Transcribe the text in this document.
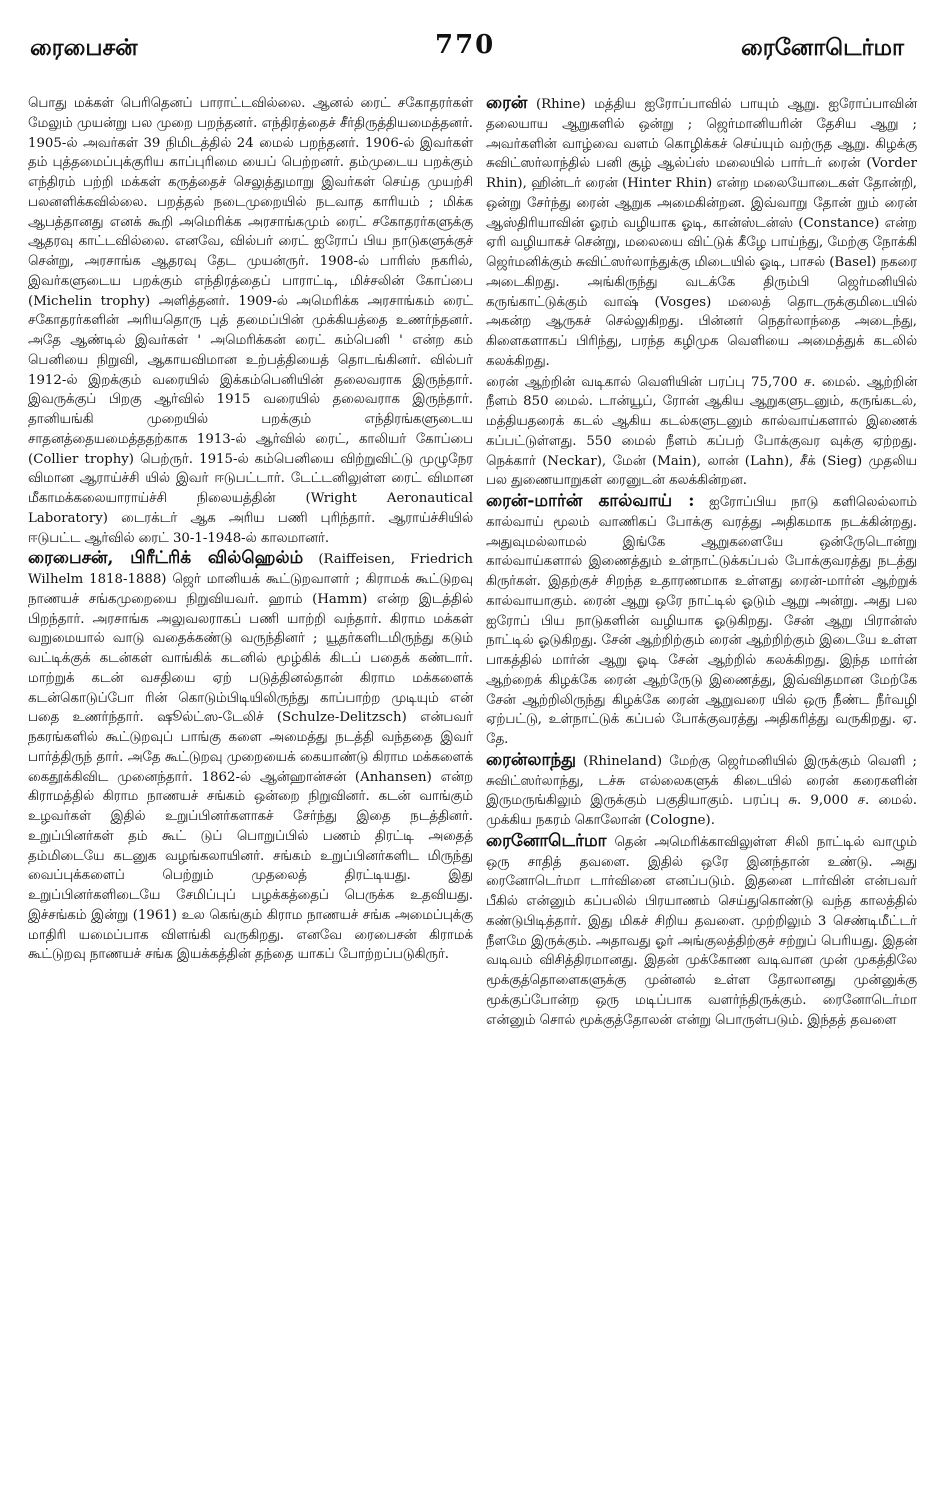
ரைபைசன்	770	ரைனோடெர்மா

பொது மக்கள் பெரிதெனப் பாராட்டவில்லை. ஆனல் ரைட் சகோதரர்கள் மேலும் முயன்று பல முறை பறந்தனர். எந்திரத்தைச் சீர்திருத்தியமைத்தனர். 1905-ல் அவர்கள் 39 நிமிடத்தில் 24 மைல் பறந்தனர். 1906-ல் இவர்கள் தம் புத்தமைப்புக்குரிய காப்புரிமை யைப் பெற்றனர். தம்முடைய பறக்கும் எந்திரம் பற்றி மக்கள் கருத்தைச் செலுத்துமாறு இவர்கள் செய்த முயற்சி பலனளிக்கவில்லை. பறத்தல் நடைமுறையில் நடவாத காரியம் ; மிக்க ஆபத்தானது எனக் கூறி அமெரிக்க அரசாங்கமும் ரைட் சகோதரர்களுக்கு ஆதரவு காட்டவில்லை. எனவே, வில்பர் ரைட் ஐரோப் பிய நாடுகளுக்குச் சென்று, அரசாங்க ஆதரவு தேட முயன்ருர். 1908-ல் பாரிஸ் நகரில், இவர்களுடைய பறக்கும் எந்திரத்தைப் பாராட்டி, மிச்சலின் கோப்பை (Michelin trophy) அளித்தனர். 1909-ல் அமெரிக்க அரசாங்கம் ரைட் சகோதரர்களின் அரியதொரு புத் தமைப்பின் முக்கியத்தை உணர்ந்தனர். அதே ஆண்டில் இவர்கள் ' அமெரிக்கன் ரைட் கம்பெனி ' என்ற கம் பெனியை நிறுவி, ஆகாயவிமான உற்பத்தியைத் தொடங்கினர். வில்பர் 1912-ல் இறக்கும் வரையில் இக்கம்பெனியின் தலைவராக இருந்தார். இவருக்குப் பிறகு ஆர்வில் 1915 வரையில் தலைவராக இருந்தார். தானியங்கி முறையில் பறக்கும் எந்திரங்களுடைய சாதனத்தையமைத்ததற்காக 1913-ல் ஆர்வில் ரைட், காலியர் கோப்பை (Collier trophy) பெற்ருர். 1915-ல் கம்பெனியை விற்றுவிட்டு முழுநேர விமான ஆராய்ச்சி யில் இவர் ஈடுபட்டார். டேட்டனிலுள்ள ரைட் விமான மீகாமக்கலையாராய்ச்சி நிலையத்தின் (Wright Aeronautical Laboratory) டைரக்டர் ஆக அரிய பணி புரிந்தார். ஆராய்ச்சியில் ஈடுபட்ட ஆர்வில் ரைட் 30-1-1948-ல் காலமானர்.

ரைபைசன், பிரீட்ரிக் வில்ஹெல்ம் (Raiffeisen, Friedrich Wilhelm 1818-1888) ஜெர் மானியக் கூட்டுறவாளர் ; கிராமக் கூட்டுறவு நாணயச் சங்கமுறையை நிறுவியவர். ஹாம் (Hamm) என்ற இடத்தில் பிறந்தார். அரசாங்க அலுவலராகப் பணி யாற்றி வந்தார். கிராம மக்கள் வறுமையால் வாடு வதைக்கண்டு வருந்தினர் ; யூதர்களிடமிருந்து கடும் வட்டிக்குக் கடன்கள் வாங்கிக் கடனில் மூழ்கிக் கிடப் பதைக் கண்டார். மாற்றுக் கடன் வசதியை ஏற் படுத்தினல்தான் கிராம மக்களைக் கடன்கொடுப்போ ரின் கொடும்பிடியிலிருந்து காப்பாற்ற முடியும் என் பதை உணர்ந்தார். ஷூல்ட்ஸ-டேலிச் (Schulze-Delitzsch) என்பவர் நகரங்களில் கூட்டுறவுப் பாங்கு களை அமைத்து நடத்தி வந்ததை இவர் பார்த்திருந் தார். அதே கூட்டுறவு முறையைக் கையாண்டு கிராம மக்களைக் கைதூக்கிவிட முனைந்தார். 1862-ல் ஆன்ஹான்சன் (Anhansen) என்ற கிராமத்தில் கிராம நாணயச் சங்கம் ஒன்றை நிறுவினர். கடன் வாங்கும் உழவர்கள் இதில் உறுப்பினர்களாகச் சேர்ந்து இதை நடத்தினர். உறுப்பினர்கள் தம் கூட் டுப் பொறுப்பில் பணம் திரட்டி அதைத் தம்மிடையே கடனுக வழங்கலாயினர். சங்கம் உறுப்பினர்களிட மிருந்து வைப்புக்களைப் பெற்றும் முதலைத் திரட்டியது. இது உறுப்பினர்களிடையே சேமிப்புப் பழக்கத்தைப் பெருக்க உதவியது. இச்சங்கம் இன்று (1961) உல கெங்கும் கிராம நாணயச் சங்க அமைப்புக்கு மாதிரி யமைப்பாக விளங்கி வருகிறது. எனவே ரைபைசன் கிராமக் கூட்டுறவு நாணயச் சங்க இயக்கத்தின் தந்தை யாகப் போற்றப்படுகிருர்.

ரைன் (Rhine) மத்திய ஐரோப்பாவில் பாயும் ஆறு. ஐரோப்பாவின் தலையாய ஆறுகளில் ஒன்று ; ஜெர்மானியரின் தேசிய ஆறு ; அவர்களின் வாழ்வை வளம் கொழிக்கச் செய்யும் வற்ருத ஆறு. கிழக்கு சுவிட்ஸர்லாந்தில் பனி சூழ் ஆல்ப்ஸ் மலையில் பார்டர் ரைன் (Vorder Rhin), ஹின்டர் ரைன் (Hinter Rhin) என்ற மலையோடைகள் தோன்றி, ஒன்று சேர்ந்து ரைன் ஆறுக அமைகின்றன. இவ்வாறு தோன் றும் ரைன் ஆஸ்திரியாவின் ஓரம் வழியாக ஓடி, கான்ஸ்டன்ஸ் (Constance) என்ற ஏரி வழியாகச் சென்று, மலையை விட்டுக் கீழே பாய்ந்து, மேற்கு நோக்கி ஜெர்மனிக்கும் சுவிட்ஸர்லாந்துக்கு மிடையில் ஓடி, பாசல் (Basel) நகரை அடைகிறது. அங்கிருந்து வடக்கே திரும்பி ஜெர்மனியில் கருங்காட்டுக்கும் வாஷ் (Vosges) மலைத் தொடருக்குமிடையில் அகன்ற ஆருகச் செல்லுகிறது. பின்னர் நெதர்லாந்தை அடைந்து, கிளைகளாகப் பிரிந்து, பரந்த கழிமுக வெளியை அமைத்துக் கடலில் கலக்கிறது.

ரைன் ஆற்றின் வடிகால் வெளியின் பரப்பு 75,700 ச. மைல். ஆற்றின் நீளம் 850 மைல். டான்யூப், ரோன் ஆகிய ஆறுகளுடனும், கருங்கடல், மத்தியதரைக் கடல் ஆகிய கடல்களுடனும் கால்வாய்களால் இணைக் கப்பட்டுள்ளது. 550 மைல் நீளம் கப்பற் போக்குவர வுக்கு ஏற்றது. நெக்கார் (Neckar), மேன் (Main), லான் (Lahn), சீக் (Sieg) முதலிய பல துணையாறுகள் ரைனுடன் கலக்கின்றன.

ரைன்-மார்ன் கால்வாய் : ஐரோப்பிய நாடு களிலெல்லாம் கால்வாய் மூலம் வாணிகப் போக்கு வரத்து அதிகமாக நடக்கின்றது. அதுவுமல்லாமல் இங்கே ஆறுகளையே ஒன்ருேடொன்று கால்வாய்களால் இணைத்தும் உள்நாட்டுக்கப்பல் போக்குவரத்து நடத்து கிருர்கள். இதற்குச் சிறந்த உதாரணமாக உள்ளது ரைன்-மார்ன் ஆற்றுக் கால்வாயாகும். ரைன் ஆறு ஒரே நாட்டில் ஓடும் ஆறு அன்று. அது பல ஐரோப் பிய நாடுகளின் வழியாக ஓடுகிறது. சேன் ஆறு பிரான்ஸ் நாட்டில் ஓடுகிறது. சேன் ஆற்றிற்கும் ரைன் ஆற்றிற்கும் இடையே உள்ள பாகத்தில் மார்ன் ஆறு ஓடி சேன் ஆற்றில் கலக்கிறது. இந்த மார்ன் ஆற்றைக் கிழக்கே ரைன் ஆற்ருேடு இணைத்து, இவ்விதமான மேற்கே சேன் ஆற்றிலிருந்து கிழக்கே ரைன் ஆறுவரை யில் ஒரு நீண்ட நீர்வழி ஏற்பட்டு, உள்நாட்டுக் கப்பல் போக்குவரத்து அதிகரித்து வருகிறது. ஏ. தே.

ரைன்லாந்து (Rhineland) மேற்கு ஜெர்மனியில் இருக்கும் வெளி ; சுவிட்ஸர்லாந்து, டச்சு எல்லைகளுக் கிடையில் ரைன் கரைகளின் இருமருங்கிலும் இருக்கும் பகுதியாகும். பரப்பு சு. 9,000 ச. மைல். முக்கிய நகரம் கொலோன் (Cologne).

ரைனோடெர்மா தென் அமெரிக்காவிலுள்ள சிலி நாட்டில் வாழும் ஒரு சாதித் தவளை. இதில் ஒரே இனந்தான் உண்டு. அது ரைனோடெர்மா டார்வினை எனப்படும். இதனை டார்வின் என்பவர் பீகில் என்னும் கப்பலில் பிரயாணம் செய்துகொண்டு வந்த காலத்தில் கண்டுபிடித்தார். இது மிகச் சிறிய தவளை. முற்றிலும் 3 செண்டிமீட்டர் நீளமே இருக்கும். அதாவது ஓர் அங்குலத்திற்குச் சற்றுப் பெரியது. இதன் வடிவம் விசித்திரமானது. இதன் முக்கோண வடிவான முன் முகத்திலே மூக்குத்தொளைகளுக்கு முன்னல் உள்ள தோலானது முன்னுக்கு மூக்குப்போன்ற ஒரு மடிப்பாக வளர்ந்திருக்கும். ரைனோடெர்மா என்னும் சொல் மூக்குத்தோலன் என்று பொருள்படும். இந்தத் தவளை
